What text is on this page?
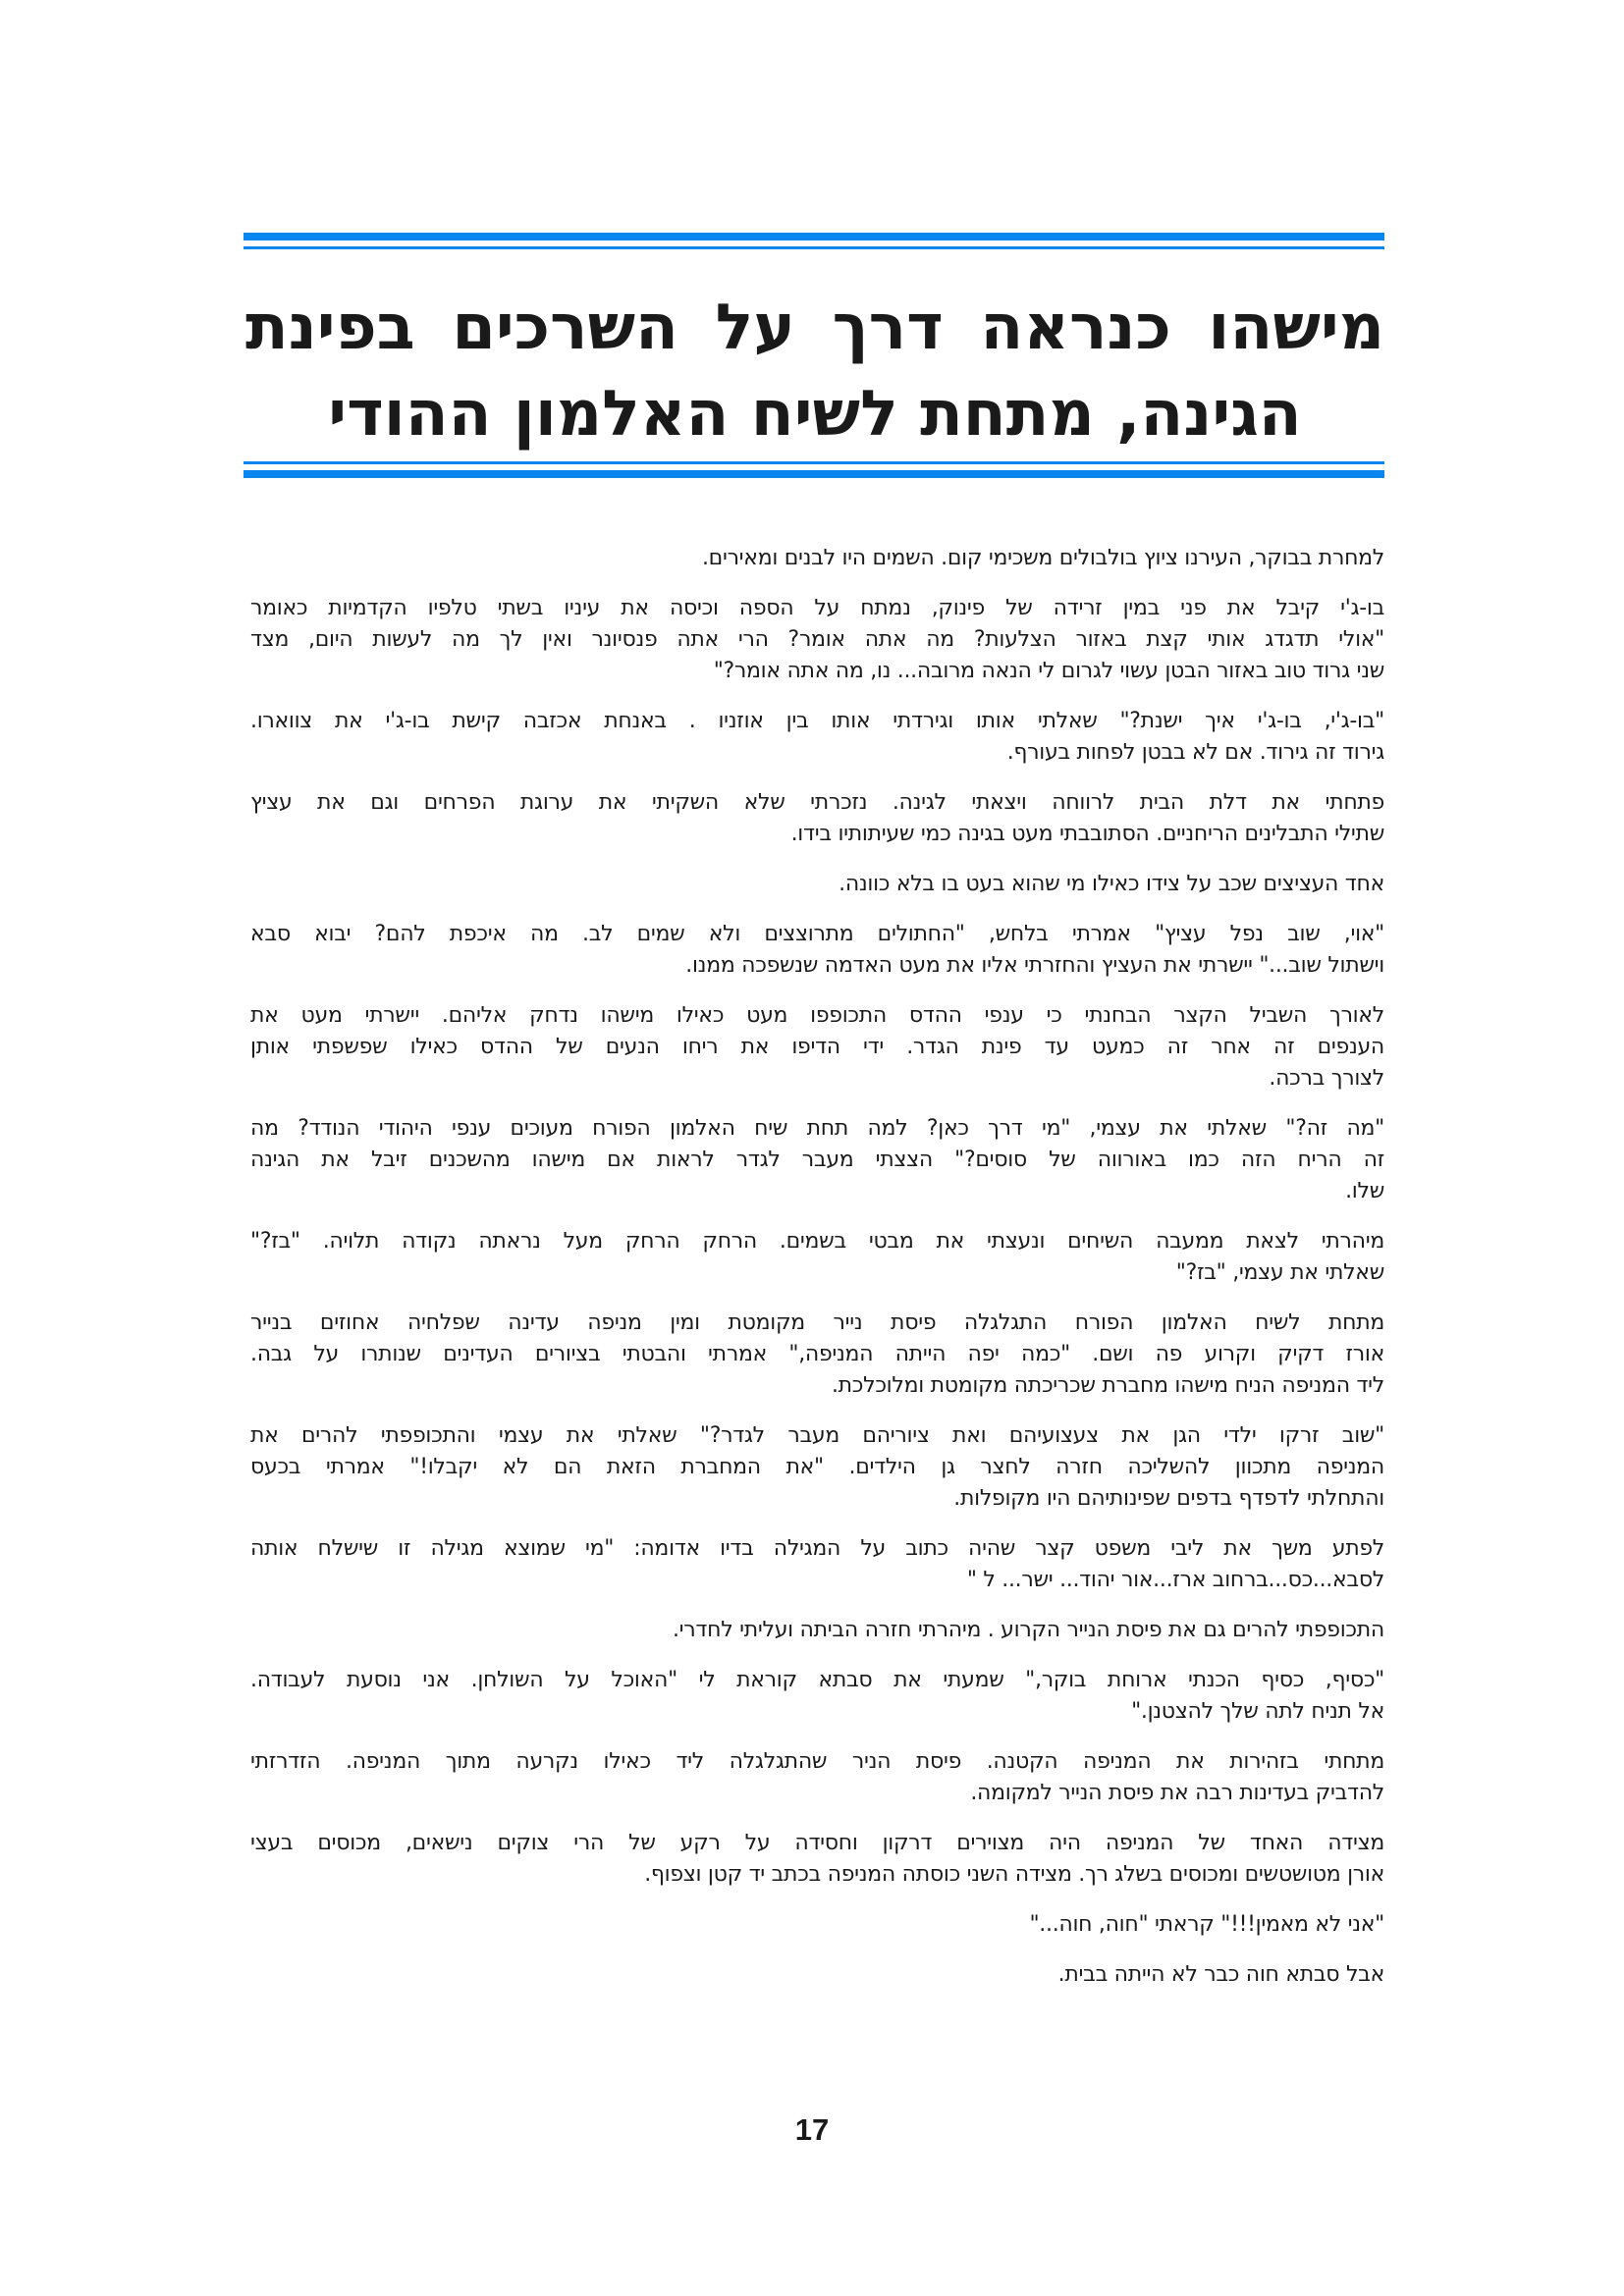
מישהו כנראה דרך על השרכים בפינת
הגינה, מתחת לשיח האלמון ההודי
למחרת בבוקר, העירנו ציוץ בולבולים משכימי קום. השמים היו לבנים ומאירים.
בו-ג'י קיבל את פני במין זרידה של פינוק, נמתח על הספה וכיסה את עיניו בשתי טלפיו הקדמיות כאומר
"אולי תדגדג אותי קצת באזור הצלעות? מה אתה אומר? הרי אתה פנסיונר ואין לך מה לעשות היום, מצד
שני גרוד טוב באזור הבטן עשוי לגרום לי הנאה מרובה... נו, מה אתה אומר?"
"בו-ג'י, בו-ג'י איך ישנת?" שאלתי אותו וגירדתי אותו בין אוזניו . באנחת אכזבה קישת בו-ג'י את צווארו.
גירוד זה גירוד. אם לא בבטן לפחות בעורף.
פתחתי את דלת הבית לרווחה ויצאתי לגינה. נזכרתי שלא השקיתי את ערוגת הפרחים וגם את עציץ
שתילי התבלינים הריחניים. הסתובבתי מעט בגינה כמי שעיתותיו בידו.
אחד העציצים שכב על צידו כאילו מי שהוא בעט בו בלא כוונה.
"אוי, שוב נפל עציץ" אמרתי בלחש, "החתולים מתרוצצים ולא שמים לב. מה איכפת להם? יבוא סבא
וישתול שוב..." יישרתי את העציץ והחזרתי אליו את מעט האדמה שנשפכה ממנו.
לאורך השביל הקצר הבחנתי כי ענפי ההדס התכופפו מעט כאילו מישהו נדחק אליהם. יישרתי מעט את
הענפים זה אחר זה כמעט עד פינת הגדר. ידי הדיפו את ריחו הנעים של ההדס כאילו שפשפתי אותן
לצורך ברכה.
"מה זה?" שאלתי את עצמי, "מי דרך כאן? למה תחת שיח האלמון הפורח מעוכים ענפי היהודי הנודד? מה
זה הריח הזה כמו באורווה של סוסים?" הצצתי מעבר לגדר לראות אם מישהו מהשכנים זיבל את הגינה
שלו.
מיהרתי לצאת ממעבה השיחים ונעצתי את מבטי בשמים. הרחק הרחק מעל נראתה נקודה תלויה. "בז?"
שאלתי את עצמי, "בז?"
מתחת לשיח האלמון הפורח התגלגלה פיסת נייר מקומטת ומין מניפה עדינה שפלחיה אחוזים בנייר
אורז דקיק וקרוע פה ושם. "כמה יפה הייתה המניפה," אמרתי והבטתי בציורים העדינים שנותרו על גבה.
ליד המניפה הניח מישהו מחברת שכריכתה מקומטת ומלוכלכת.
"שוב זרקו ילדי הגן את צעצועיהם ואת ציוריהם מעבר לגדר?" שאלתי את עצמי והתכופפתי להרים את
המניפה מתכוון להשליכה חזרה לחצר גן הילדים. "את המחברת הזאת הם לא יקבלו!" אמרתי בכעס
והתחלתי לדפדף בדפים שפינותיהם היו מקופלות.
לפתע משך את ליבי משפט קצר שהיה כתוב על המגילה בדיו אדומה: "מי שמוצא מגילה זו שישלח אותה
לסבא...כס...ברחוב ארז...אור יהוד... ישר... ל "
התכופפתי להרים גם את פיסת הנייר הקרוע . מיהרתי חזרה הביתה ועליתי לחדרי.
"כסיף, כסיף הכנתי ארוחת בוקר," שמעתי את סבתא קוראת לי "האוכל על השולחן. אני נוסעת לעבודה.
אל תניח לתה שלך להצטנן."
מתחתי בזהירות את המניפה הקטנה. פיסת הניר שהתגלגלה ליד כאילו נקרעה מתוך המניפה. הזדרזתי
להדביק בעדינות רבה את פיסת הנייר למקומה.
מצידה האחד של המניפה היה מצוירים דרקון וחסידה על רקע של הרי צוקים נישאים, מכוסים בעצי
אורן מטושטשים ומכוסים בשלג רך. מצידה השני כוסתה המניפה בכתב יד קטן וצפוף.
"אני לא מאמין!!!" קראתי "חוה, חוה..."
אבל סבתא חוה כבר לא הייתה בבית.
17
